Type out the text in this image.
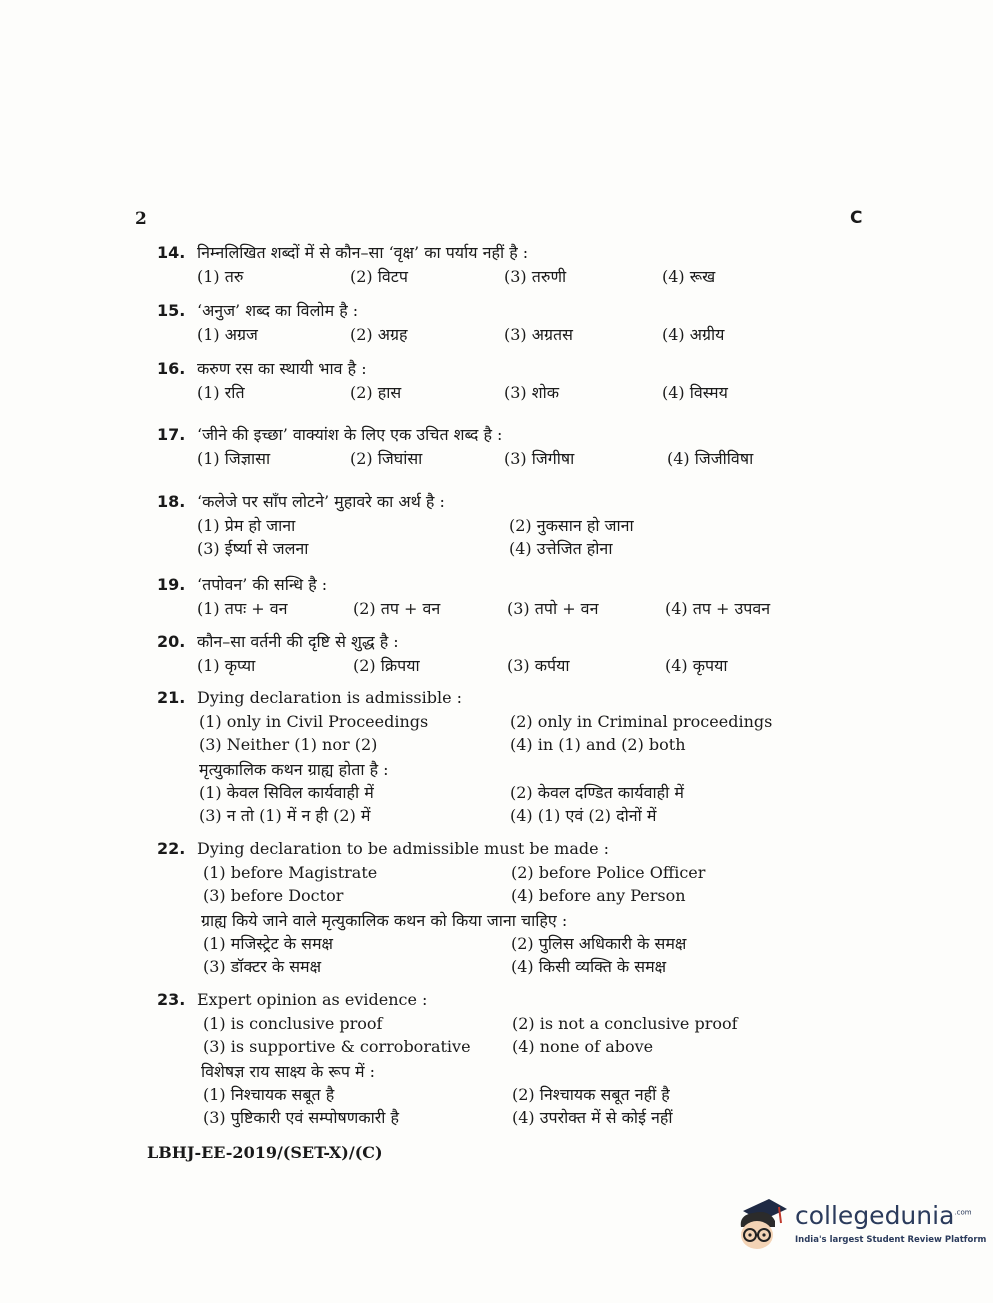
2	C
14. निम्नलिखित शब्दों में से कौन–सा ‘वृक्ष’ का पर्याय नहीं है :
(1) तरु	(2) विटप	(3) तरुणी	(4) रूख
15. ‘अनुज’ शब्द का विलोम है :
(1) अग्रज	(2) अग्रह	(3) अग्रतस	(4) अग्रीय
16. करुण रस का स्थायी भाव है :
(1) रति	(2) हास	(3) शोक	(4) विस्मय
17. ‘जीने की इच्छा’ वाक्यांश के लिए एक उचित शब्द है :
(1) जिज्ञासा	(2) जिघांसा	(3) जिगीषा	(4) जिजीविषा
18. ‘कलेजे पर साँप लोटने’ मुहावरे का अर्थ है :
(1) प्रेम हो जाना	(2) नुकसान हो जाना
(3) ईर्ष्या से जलना	(4) उत्तेजित होना
19. ‘तपोवन’ की सन्धि है :
(1) तपः + वन	(2) तप + वन	(3) तपो + वन	(4) तप + उपवन
20. कौन–सा वर्तनी की दृष्टि से शुद्ध है :
(1) कृप्या	(2) क्रिपया	(3) कर्पया	(4) कृपया
21. Dying declaration is admissible :
(1) only in Civil Proceedings	(2) only in Criminal proceedings
(3) Neither (1) nor (2)	(4) in (1) and (2) both
मृत्युकालिक कथन ग्राह्य होता है :
(1) केवल सिविल कार्यवाही में	(2) केवल दण्डित कार्यवाही में
(3) न तो (1) में न ही (2) में	(4) (1) एवं (2) दोनों में
22. Dying declaration to be admissible must be made :
(1) before Magistrate	(2) before Police Officer
(3) before Doctor	(4) before any Person
ग्राह्य किये जाने वाले मृत्युकालिक कथन को किया जाना चाहिए :
(1) मजिस्ट्रेट के समक्ष	(2) पुलिस अधिकारी के समक्ष
(3) डॉक्टर के समक्ष	(4) किसी व्यक्ति के समक्ष
23. Expert opinion as evidence :
(1) is conclusive proof	(2) is not a conclusive proof
(3) is supportive & corroborative	(4) none of above
विशेषज्ञ राय साक्ष्य के रूप में :
(1) निश्चायक सबूत है	(2) निश्चायक सबूत नहीं है
(3) पुष्टिकारी एवं सम्पोषणकारी है	(4) उपरोक्त में से कोई नहीं
LBHJ-EE-2019/(SET-X)/(C)
collegedunia$^{.com}$
India's largest Student Review Platform
